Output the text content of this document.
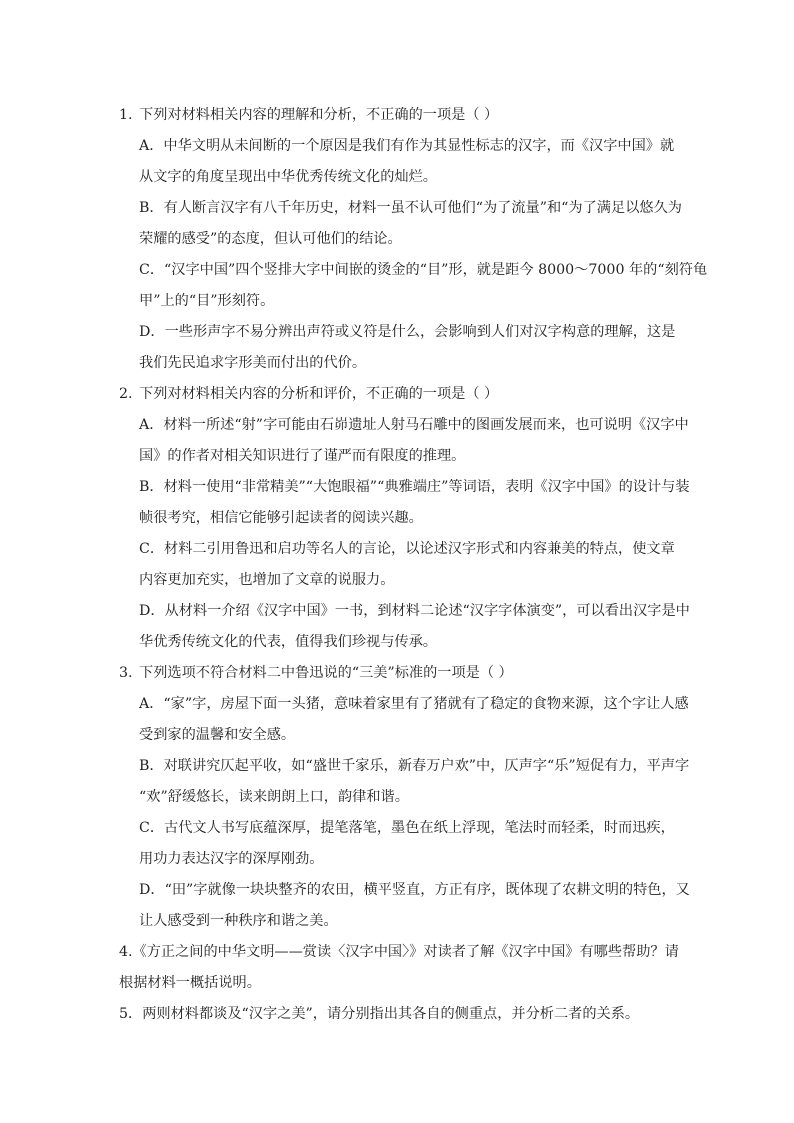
1. 下列对材料相关内容的理解和分析，不正确的一项是（ ）

A．中华文明从未间断的一个原因是我们有作为其显性标志的汉字，而《汉字中国》就
从文字的角度呈现出中华优秀传统文化的灿烂。

B．有人断言汉字有八千年历史，材料一虽不认可他们“为了流量”和“为了满足以悠久为
荣耀的感受”的态度，但认可他们的结论。

C．“汉字中国”四个竖排大字中间嵌的烫金的“目”形，就是距今 8000～7000 年的“刻符龟
甲”上的“目”形刻符。

D．一些形声字不易分辨出声符或义符是什么，会影响到人们对汉字构意的理解，这是
我们先民追求字形美而付出的代价。

2. 下列对材料相关内容的分析和评价，不正确的一项是（ ）

A．材料一所述“射”字可能由石峁遗址人射马石雕中的图画发展而来，也可说明《汉字中
国》的作者对相关知识进行了谨严而有限度的推理。

B．材料一使用“非常精美”“大饱眼福”“典雅端庄”等词语，表明《汉字中国》的设计与装
帧很考究，相信它能够引起读者的阅读兴趣。

C．材料二引用鲁迅和启功等名人的言论，以论述汉字形式和内容兼美的特点，使文章
内容更加充实，也增加了文章的说服力。

D．从材料一介绍《汉字中国》一书，到材料二论述“汉字字体演变”，可以看出汉字是中
华优秀传统文化的代表，值得我们珍视与传承。

3. 下列选项不符合材料二中鲁迅说的“三美”标准的一项是（ ）

A．“家”字，房屋下面一头猪，意味着家里有了猪就有了稳定的食物来源，这个字让人感
受到家的温馨和安全感。

B．对联讲究仄起平收，如“盛世千家乐，新春万户欢”中，仄声字“乐”短促有力，平声字
“欢”舒缓悠长，读来朗朗上口，韵律和谐。

C．古代文人书写底蕴深厚，提笔落笔，墨色在纸上浮现，笔法时而轻柔，时而迅疾，
用功力表达汉字的深厚刚劲。

D．“田”字就像一块块整齐的农田，横平竖直，方正有序，既体现了农耕文明的特色，又
让人感受到一种秩序和谐之美。

4.《方正之间的中华文明——赏读〈汉字中国〉》对读者了解《汉字中国》有哪些帮助？请
根据材料一概括说明。

5．两则材料都谈及“汉字之美”，请分别指出其各自的侧重点，并分析二者的关系。
